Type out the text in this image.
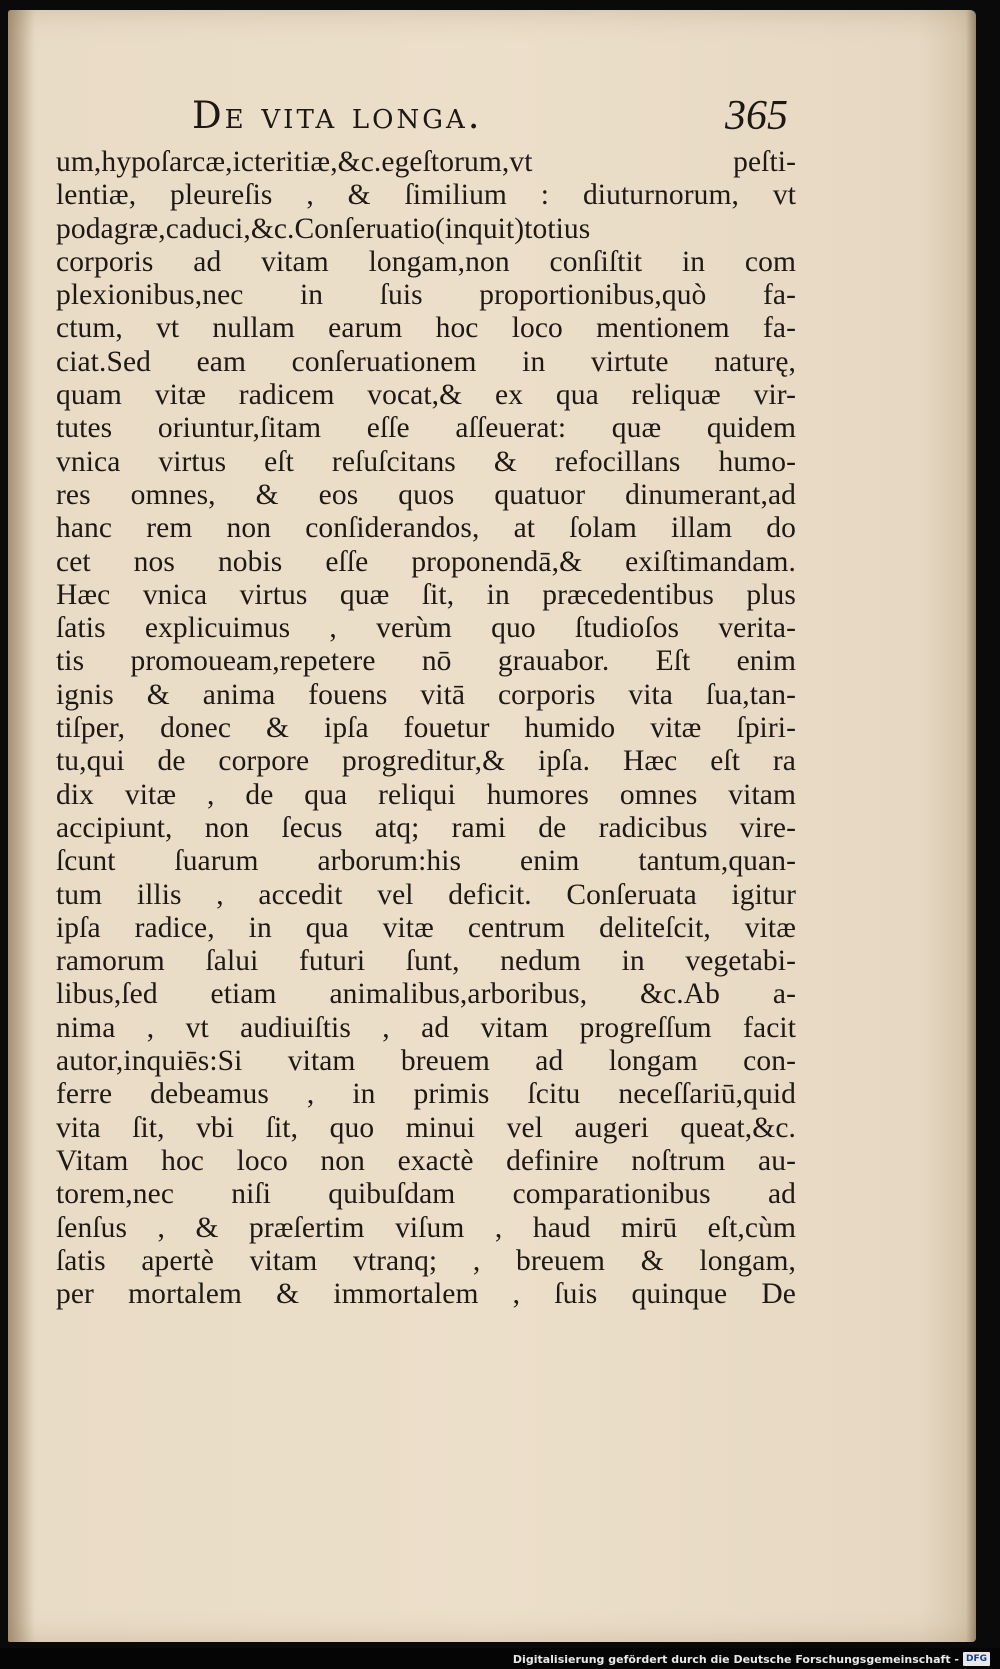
De vita longa.	365
um,hypoſarcæ,icteritiæ,&c.egeſtorum,vt peſti-
lentiæ, pleureſis , & ſimilium : diuturnorum, vt
podagræ,caduci,&c.Conſeruatio(inquit)totius
corporis ad vitam longam,non conſiſtit in com
plexionibus,nec in ſuis proportionibus,quò fa-
ctum, vt nullam earum hoc loco mentionem fa-
ciat.Sed eam conſeruationem in virtute naturę,
quam vitæ radicem vocat,& ex qua reliquæ vir-
tutes oriuntur,ſitam eſſe aſſeuerat: quæ quidem
vnica virtus eſt reſuſcitans & refocillans humo-
res omnes, & eos quos quatuor dinumerant,ad
hanc rem non conſiderandos, at ſolam illam do
cet nos nobis eſſe proponendā,& exiſtimandam.
Hæc vnica virtus quæ ſit, in præcedentibus plus
ſatis explicuimus , verùm quo ſtudioſos verita-
tis promoueam,repetere nō grauabor. Eſt enim
ignis & anima fouens vitā corporis vita ſua,tan-
tiſper, donec & ipſa fouetur humido vitæ ſpiri-
tu,qui de corpore progreditur,& ipſa. Hæc eſt ra
dix vitæ , de qua reliqui humores omnes vitam
accipiunt, non ſecus atq; rami de radicibus vire-
ſcunt ſuarum arborum:his enim tantum,quan-
tum illis , accedit vel deficit. Conſeruata igitur
ipſa radice, in qua vitæ centrum deliteſcit, vitæ
ramorum ſalui futuri ſunt, nedum in vegetabi-
libus,ſed etiam animalibus,arboribus, &c.Ab a-
nima , vt audiuiſtis , ad vitam progreſſum facit
autor,inquiēs:Si vitam breuem ad longam con-
ferre debeamus , in primis ſcitu neceſſariū,quid
vita ſit, vbi ſit, quo minui vel augeri queat,&c.
Vitam hoc loco non exactè definire noſtrum au-
torem,nec niſi quibuſdam comparationibus ad
ſenſus , & præſertim viſum , haud mirū eſt,cùm
ſatis apertè vitam vtranq; , breuem & longam,
per mortalem & immortalem , ſuis quinque De
Digitalisierung gefördert durch die Deutsche Forschungsgemeinschaft - DFG
